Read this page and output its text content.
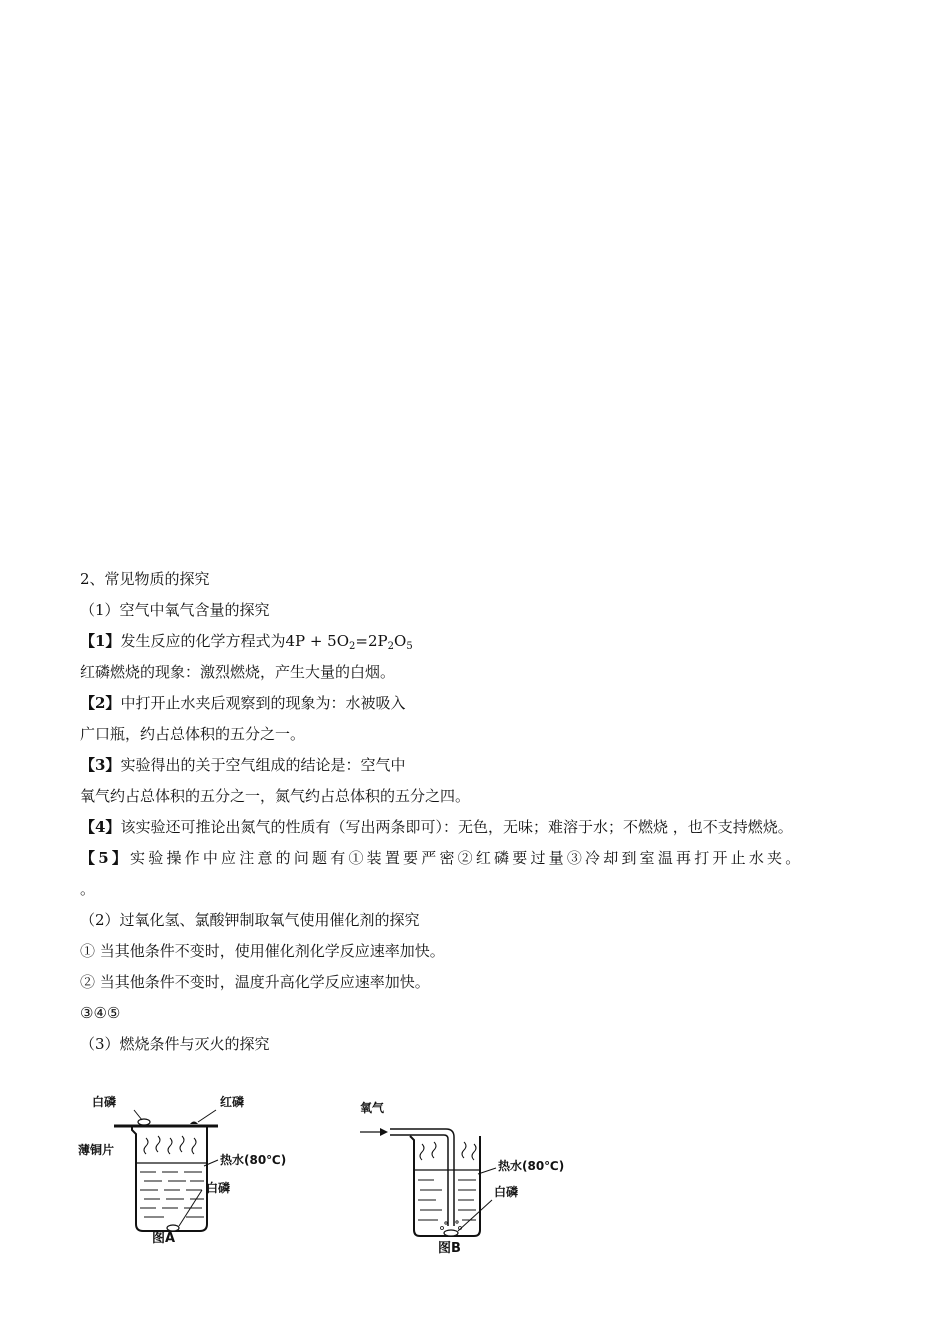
2、常见物质的探究
（1）空气中氧气含量的探究
【1】发生反应的化学方程式为$4P + 5O_2=2P_2O_5$
红磷燃烧的现象：激烈燃烧，产生大量的白烟。
【2】中打开止水夹后观察到的现象为：水被吸入
广口瓶，约占总体积的五分之一。
【3】实验得出的关于空气组成的结论是：空气中
氧气约占总体积的五分之一，氮气约占总体积的五分之四。
【4】该实验还可推论出氮气的性质有（写出两条即可）：无色，无味；难溶于水；不燃烧 ，也不支持燃烧。
【5】实验操作中应注意的问题有①装置要严密②红磷要过量③冷却到室温再打开止水夹。
。
（2）过氧化氢、氯酸钾制取氧气使用催化剂的探究
① 当其他条件不变时，使用催化剂化学反应速率加快。
② 当其他条件不变时，温度升高化学反应速率加快。
③④⑤
（3）燃烧条件与灭火的探究
白磷	红磷
薄铜片
热水(80℃)
白磷
图A
氧气
热水(80℃)
白磷
图B
